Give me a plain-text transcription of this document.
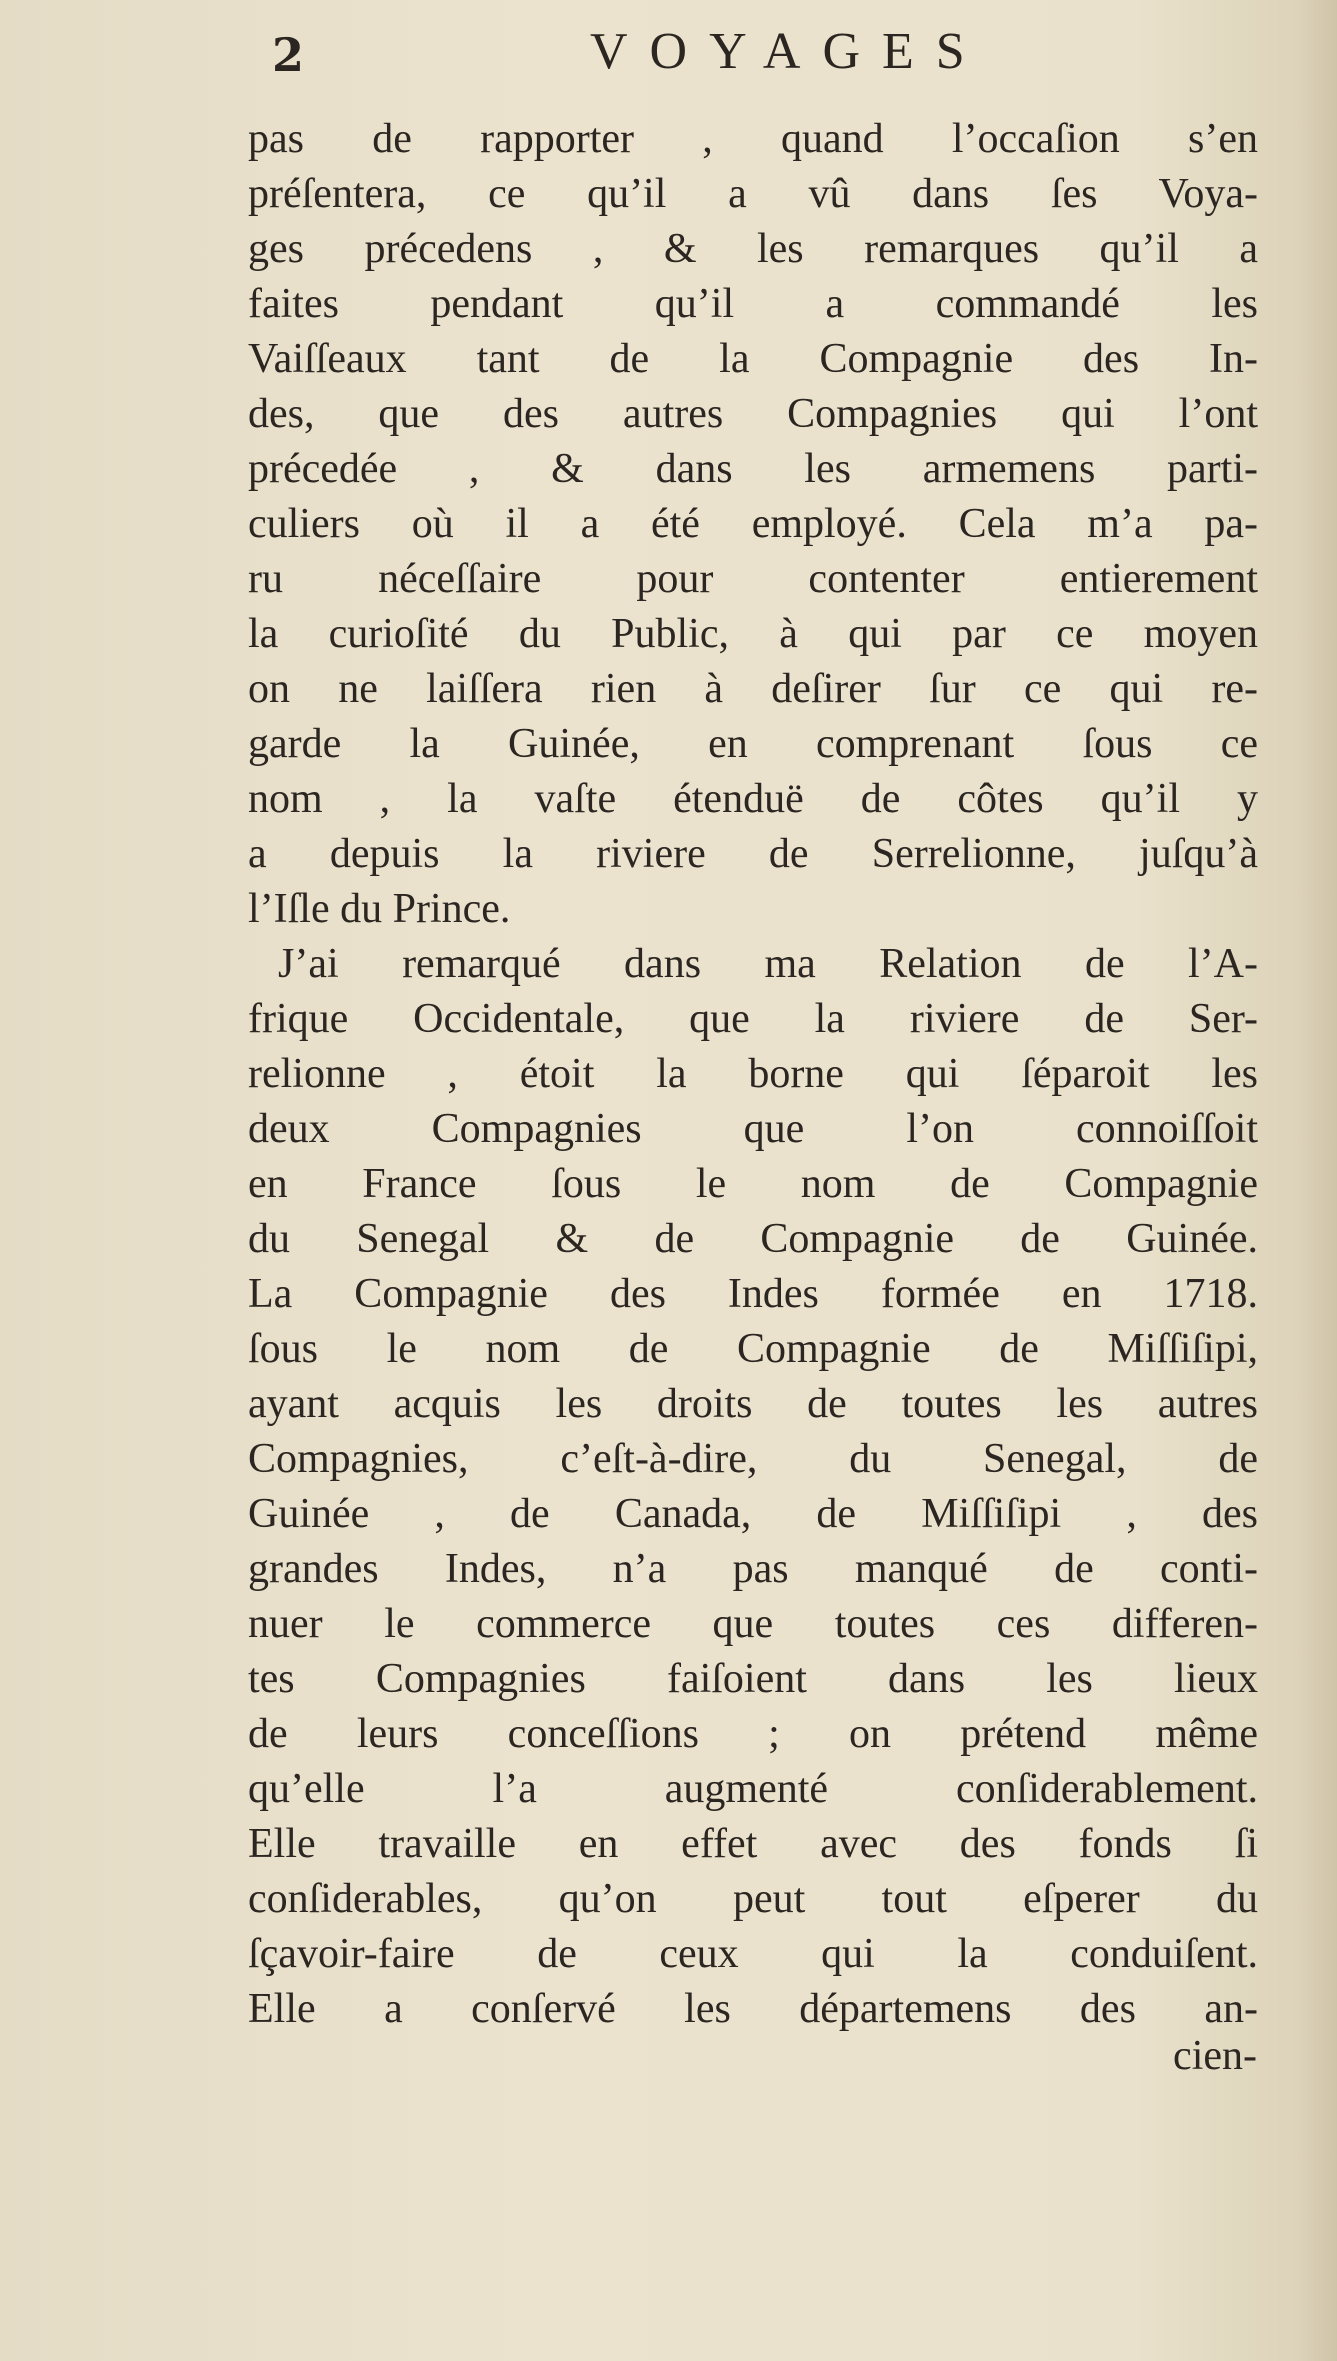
2	VOYAGES
pas de rapporter , quand l’occaſion s’en
préſentera, ce qu’il a vû dans ſes Voya-
ges précedens , & les remarques qu’il a
faites pendant qu’il a commandé les
Vaiſſeaux tant de la Compagnie des In-
des, que des autres Compagnies qui l’ont
précedée , & dans les armemens parti-
culiers où il a été employé. Cela m’a pa-
ru néceſſaire pour contenter entierement
la curioſité du Public, à qui par ce moyen
on ne laiſſera rien à deſirer ſur ce qui re-
garde la Guinée, en comprenant ſous ce
nom , la vaſte étenduë de côtes qu’il y
a depuis la riviere de Serrelionne, juſqu’à
l’Iſle du Prince.
J’ai remarqué dans ma Relation de l’A-
frique Occidentale, que la riviere de Ser-
relionne , étoit la borne qui ſéparoit les
deux Compagnies que l’on connoiſſoit
en France ſous le nom de Compagnie
du Senegal & de Compagnie de Guinée.
La Compagnie des Indes formée en 1718.
ſous le nom de Compagnie de Miſſiſipi,
ayant acquis les droits de toutes les autres
Compagnies, c’eſt-à-dire, du Senegal, de
Guinée , de Canada, de Miſſiſipi , des
grandes Indes, n’a pas manqué de conti-
nuer le commerce que toutes ces differen-
tes Compagnies faiſoient dans les lieux
de leurs conceſſions ; on prétend même
qu’elle l’a augmenté conſiderablement.
Elle travaille en effet avec des fonds ſi
conſiderables, qu’on peut tout eſperer du
ſçavoir-faire de ceux qui la conduiſent.
Elle a conſervé les départemens des an-
cien-
